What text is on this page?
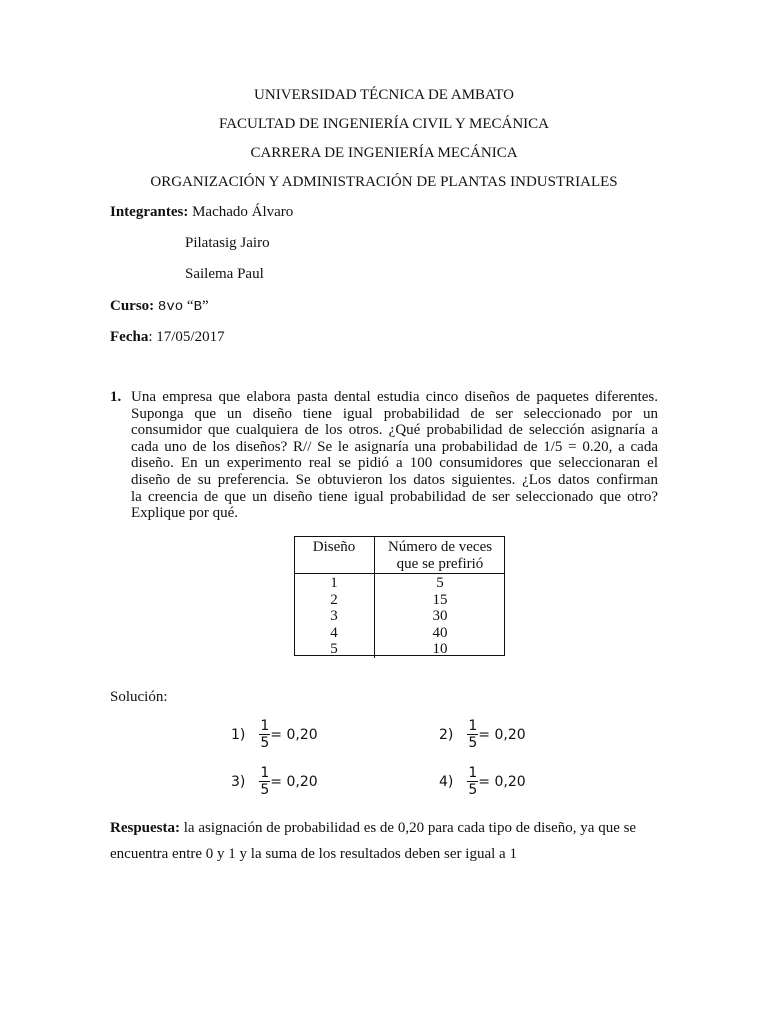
UNIVERSIDAD TÉCNICA DE AMBATO
FACULTAD DE INGENIERÍA CIVIL Y MECÁNICA
CARRERA DE INGENIERÍA MECÁNICA
ORGANIZACIÓN Y ADMINISTRACIÓN DE PLANTAS INDUSTRIALES
Integrantes: Machado Álvaro
Pilatasig Jairo
Sailema Paul
Curso: 8vo “B”
Fecha: 17/05/2017
1. Una empresa que elabora pasta dental estudia cinco diseños de paquetes diferentes.
Suponga que un diseño tiene igual probabilidad de ser seleccionado por un
consumidor que cualquiera de los otros. ¿Qué probabilidad de selección asignaría a
cada uno de los diseños? R// Se le asignaría una probabilidad de 1/5 = 0.20, a cada
diseño. En un experimento real se pidió a 100 consumidores que seleccionaran el
diseño de su preferencia. Se obtuvieron los datos siguientes. ¿Los datos confirman
la creencia de que un diseño tiene igual probabilidad de ser seleccionado que otro?
Explique por qué.
Diseño	Número de veces
que se prefirió

1	5
2	15
3	30
4	40
5	10
Solución:
$1) \frac{1}{5} = 0,20$	$2) \frac{1}{5} = 0,20$
$3) \frac{1}{5} = 0,20$	$4) \frac{1}{5} = 0,20$
Respuesta: la asignación de probabilidad es de 0,20 para cada tipo de diseño, ya que se encuentra entre 0 y 1 y la suma de los resultados deben ser igual a 1
